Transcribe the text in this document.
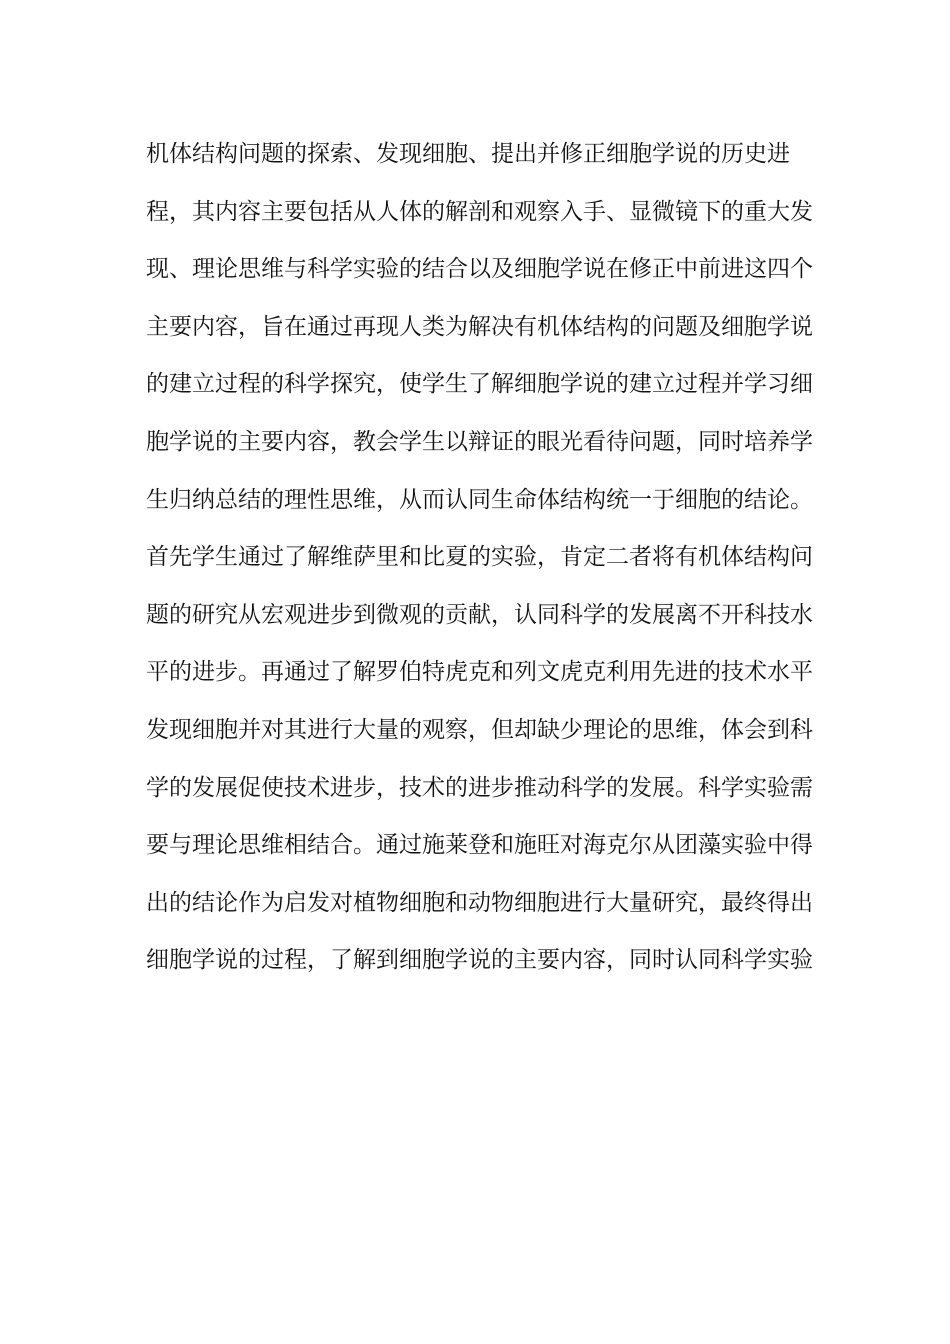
机体结构问题的探索、发现细胞、提出并修正细胞学说的历史进
程，其内容主要包括从人体的解剖和观察入手、显微镜下的重大发
现、理论思维与科学实验的结合以及细胞学说在修正中前进这四个
主要内容，旨在通过再现人类为解决有机体结构的问题及细胞学说
的建立过程的科学探究，使学生了解细胞学说的建立过程并学习细
胞学说的主要内容，教会学生以辩证的眼光看待问题，同时培养学
生归纳总结的理性思维，从而认同生命体结构统一于细胞的结论。
首先学生通过了解维萨里和比夏的实验，肯定二者将有机体结构问
题的研究从宏观进步到微观的贡献，认同科学的发展离不开科技水
平的进步。再通过了解罗伯特虎克和列文虎克利用先进的技术水平
发现细胞并对其进行大量的观察，但却缺少理论的思维，体会到科
学的发展促使技术进步，技术的进步推动科学的发展。科学实验需
要与理论思维相结合。通过施莱登和施旺对海克尔从团藻实验中得
出的结论作为启发对植物细胞和动物细胞进行大量研究，最终得出
细胞学说的过程，了解到细胞学说的主要内容，同时认同科学实验
